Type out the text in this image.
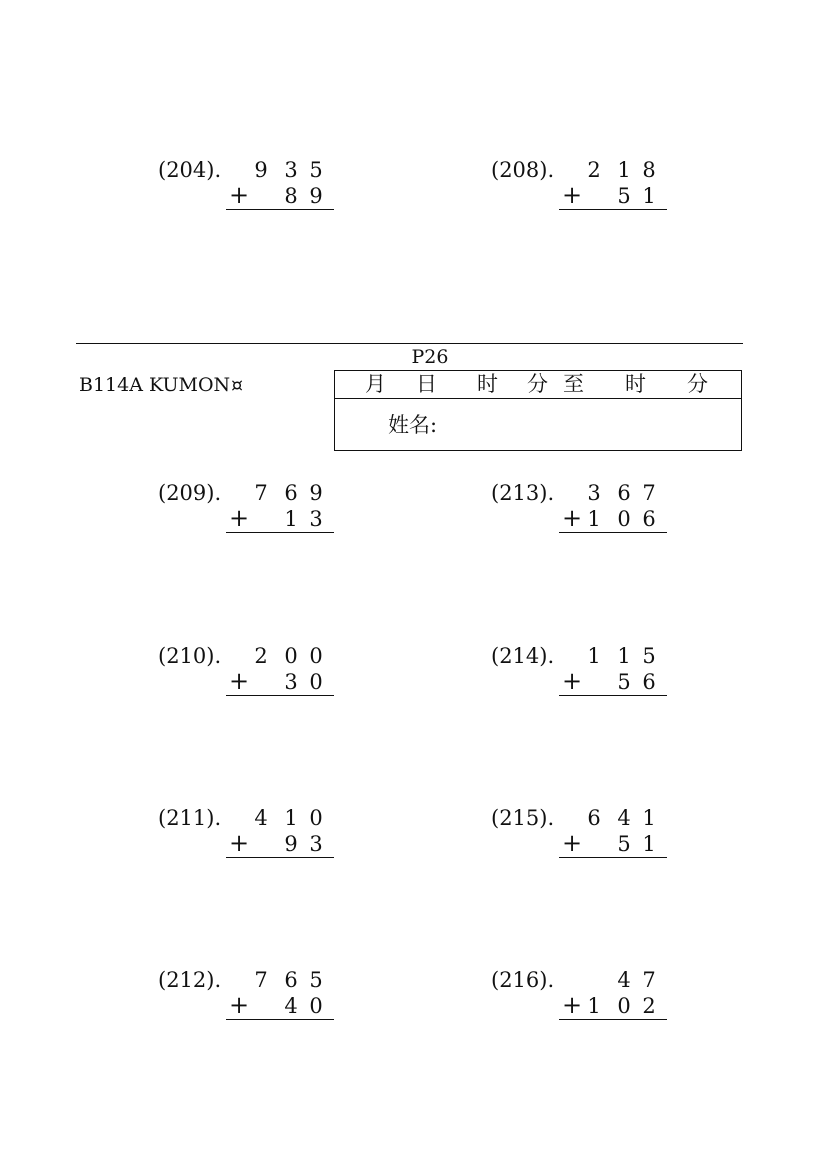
(204). 9 3 5
+ 8 9
(208). 2 1 8
+ 5 1
P26
B114A KUMON ¤	月 日 时 分 至 时 分
姓名:
(209). 7 6 9
+ 1 3
(210). 2 0 0
+ 3 0
(211). 4 1 0
+ 9 3
(212). 7 6 5
+ 4 0
(213). 3 6 7
+ 1 0 6
(214). 1 1 5
+ 5 6
(215). 6 4 1
+ 5 1
(216).	4 7
+ 1 0 2
